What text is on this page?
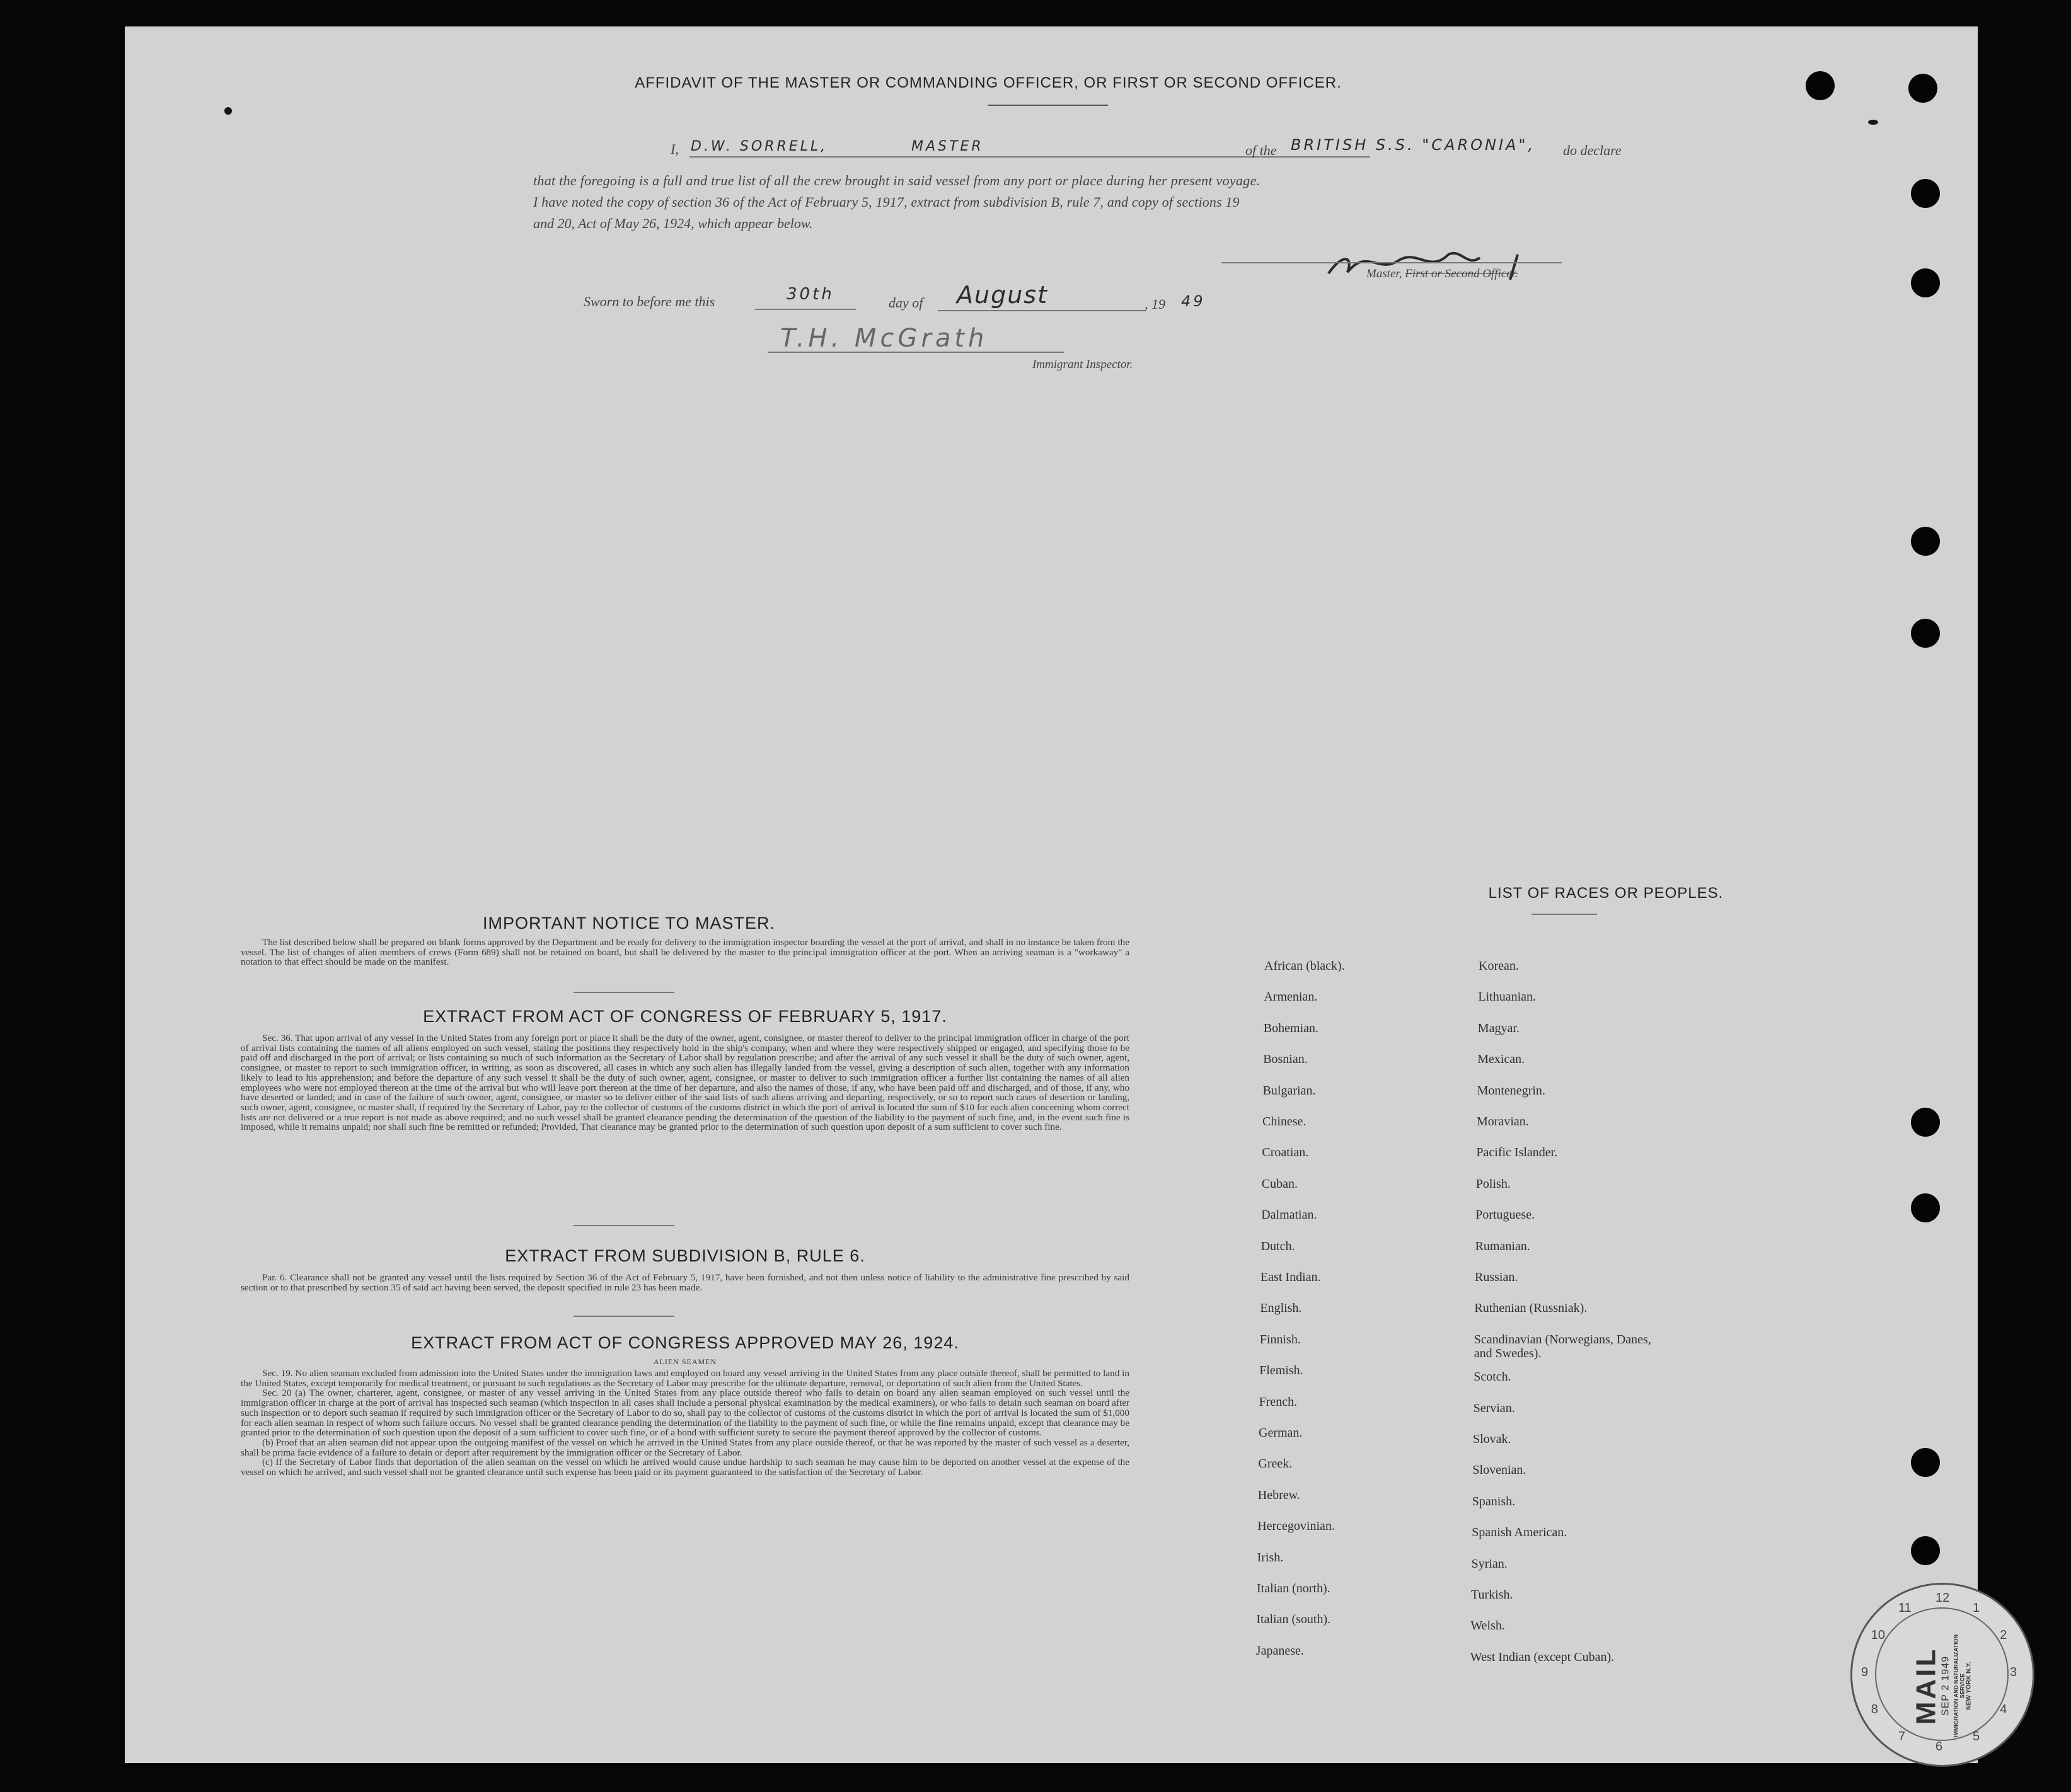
AFFIDAVIT OF THE MASTER OR COMMANDING OFFICER, OR FIRST OR SECOND OFFICER.
I, D.W. SORRELL,	MASTER	of the BRITISH S.S. "CARONIA", do declare
that the foregoing is a full and true list of all the crew brought in said vessel from any port or place during her present voyage.
I have noted the copy of section 36 of the Act of February 5, 1917, extract from subdivision B, rule 7, and copy of sections 19
and 20, Act of May 26, 1924, which appear below.
Master, First or Second Officer.
Sworn to before me this	30th	day of August	, 19 49
T.H. McGrath
Immigrant Inspector.
IMPORTANT NOTICE TO MASTER.

The list described below shall be prepared on blank forms approved by the Department and be ready for delivery to the immigration inspector boarding the vessel at the port of arrival, and shall in no instance be taken from the vessel. The list of changes of alien members of crews (Form 689) shall not be retained on board, but shall be delivered by the master to the principal immigration officer at the port. When an arriving seaman is a "workaway" a notation to that effect should be made on the manifest.

EXTRACT FROM ACT OF CONGRESS OF FEBRUARY 5, 1917.

Sec. 36. That upon arrival of any vessel in the United States from any foreign port or place it shall be the duty of the owner, agent, consignee, or master thereof to deliver to the principal immigration officer in charge of the port of arrival lists containing the names of all aliens employed on such vessel, stating the positions they respectively hold in the ship's company, when and where they were respectively shipped or engaged, and specifying those to be paid off and discharged in the port of arrival; or lists containing so much of such information as the Secretary of Labor shall by regulation prescribe; and after the arrival of any such vessel it shall be the duty of such owner, agent, consignee, or master to report to such immigration officer, in writing, as soon as discovered, all cases in which any such alien has illegally landed from the vessel, giving a description of such alien, together with any information likely to lead to his apprehension; and before the departure of any such vessel it shall be the duty of such owner, agent, consignee, or master to deliver to such immigration officer a further list containing the names of all alien employees who were not employed thereon at the time of the arrival but who will leave port thereon at the time of her departure, and also the names of those, if any, who have been paid off and discharged, and of those, if any, who have deserted or landed; and in case of the failure of such owner, agent, consignee, or master so to deliver either of the said lists of such aliens arriving and departing, respectively, or so to report such cases of desertion or landing, such owner, agent, consignee, or master shall, if required by the Secretary of Labor, pay to the collector of customs of the customs district in which the port of arrival is located the sum of $10 for each alien concerning whom correct lists are not delivered or a true report is not made as above required; and no such vessel shall be granted clearance pending the determination of the question of the liability to the payment of such fine, and, in the event such fine is imposed, while it remains unpaid; nor shall such fine be remitted or refunded; Provided, That clearance may be granted prior to the determination of such question upon deposit of a sum sufficient to cover such fine.

EXTRACT FROM SUBDIVISION B, RULE 6.

Par. 6. Clearance shall not be granted any vessel until the lists required by Section 36 of the Act of February 5, 1917, have been furnished, and not then unless notice of liability to the administrative fine prescribed by said section or to that prescribed by section 35 of said act having been served, the deposit specified in rule 23 has been made.

EXTRACT FROM ACT OF CONGRESS APPROVED MAY 26, 1924.
ALIEN SEAMEN

Sec. 19. No alien seaman excluded from admission into the United States under the immigration laws and employed on board any vessel arriving in the United States from any place outside thereof, shall be permitted to land in the United States, except temporarily for medical treatment, or pursuant to such regulations as the Secretary of Labor may prescribe for the ultimate departure, removal, or deportation of such alien from the United States.

Sec. 20 (a) The owner, charterer, agent, consignee, or master of any vessel arriving in the United States from any place outside thereof who fails to detain on board any alien seaman employed on such vessel until the immigration officer in charge at the port of arrival has inspected such seaman (which inspection in all cases shall include a personal physical examination by the medical examiners), or who fails to detain such seaman on board after such inspection or to deport such seaman if required by such immigration officer or the Secretary of Labor to do so, shall pay to the collector of customs of the customs district in which the port of arrival is located the sum of $1,000 for each alien seaman in respect of whom such failure occurs. No vessel shall be granted clearance pending the determination of the liability to the payment of such fine, or while the fine remains unpaid, except that clearance may be granted prior to the determination of such question upon the deposit of a sum sufficient to cover such fine, or of a bond with sufficient surety to secure the payment thereof approved by the collector of customs.

(b) Proof that an alien seaman did not appear upon the outgoing manifest of the vessel on which he arrived in the United States from any place outside thereof, or that he was reported by the master of such vessel as a deserter, shall be prima facie evidence of a failure to detain or deport after requirement by the immigration officer or the Secretary of Labor.

(c) If the Secretary of Labor finds that deportation of the alien seaman on the vessel on which he arrived would cause undue hardship to such seaman he may cause him to be deported on another vessel at the expense of the vessel on which he arrived, and such vessel shall not be granted clearance until such expense has been paid or its payment guaranteed to the satisfaction of the Secretary of Labor.

LIST OF RACES OR PEOPLES.
African (black).
Armenian.
Bohemian.
Bosnian.
Bulgarian.
Chinese.
Croatian.
Cuban.
Dalmatian.
Dutch.
East Indian.
English.
Finnish.
Flemish.
French.
German.
Greek.
Hebrew.
Hercegovinian.
Irish.
Italian (north).
Italian (south).
Japanese.
Korean.
Lithuanian.
Magyar.
Mexican.
Montenegrin.
Moravian.
Pacific Islander.
Polish.
Portuguese.
Rumanian.
Russian.
Ruthenian (Russniak).
Scandinavian (Norwegians, Danes, and Swedes).
Scotch.
Servian.
Slovak.
Slovenian.
Spanish.
Spanish American.
Syrian.
Turkish.
Welsh.
West Indian (except Cuban).
1
2
3
4
5
6
7
8
9
10
11
12
MAIL
SEP 2 1949 IMMIGRATION AND NATURALIZATION SERVICE NEW YORK N.Y.
